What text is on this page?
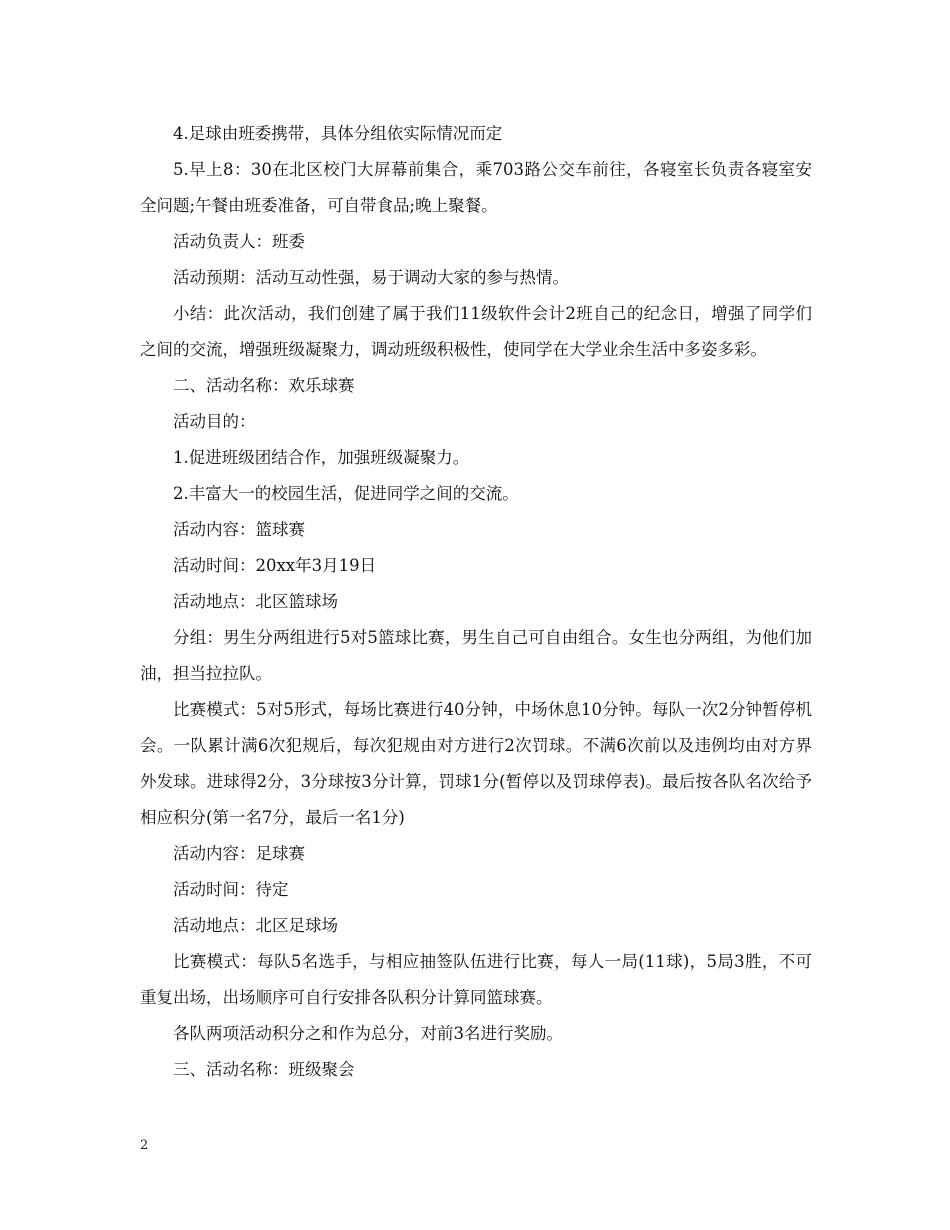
4.足球由班委携带，具体分组依实际情况而定

5.早上8：30在北区校门大屏幕前集合，乘703路公交车前往，各寝室长负责各寝室安全问题;午餐由班委准备，可自带食品;晚上聚餐。

活动负责人：班委

活动预期：活动互动性强，易于调动大家的参与热情。

小结：此次活动，我们创建了属于我们11级软件会计2班自己的纪念日，增强了同学们之间的交流，增强班级凝聚力，调动班级积极性，使同学在大学业余生活中多姿多彩。

二、活动名称：欢乐球赛

活动目的：

1.促进班级团结合作，加强班级凝聚力。

2.丰富大一的校园生活，促进同学之间的交流。

活动内容：篮球赛

活动时间：20xx年3月19日

活动地点：北区篮球场

分组：男生分两组进行5对5篮球比赛，男生自己可自由组合。女生也分两组，为他们加油，担当拉拉队。

比赛模式：5对5形式，每场比赛进行40分钟，中场休息10分钟。每队一次2分钟暂停机会。一队累计满6次犯规后，每次犯规由对方进行2次罚球。不满6次前以及违例均由对方界外发球。进球得2分，3分球按3分计算，罚球1分(暂停以及罚球停表)。最后按各队名次给予相应积分(第一名7分，最后一名1分)

活动内容：足球赛

活动时间：待定

活动地点：北区足球场

比赛模式：每队5名选手，与相应抽签队伍进行比赛，每人一局(11球)，5局3胜，不可重复出场，出场顺序可自行安排各队积分计算同篮球赛。

各队两项活动积分之和作为总分，对前3名进行奖励。

三、活动名称：班级聚会

2
